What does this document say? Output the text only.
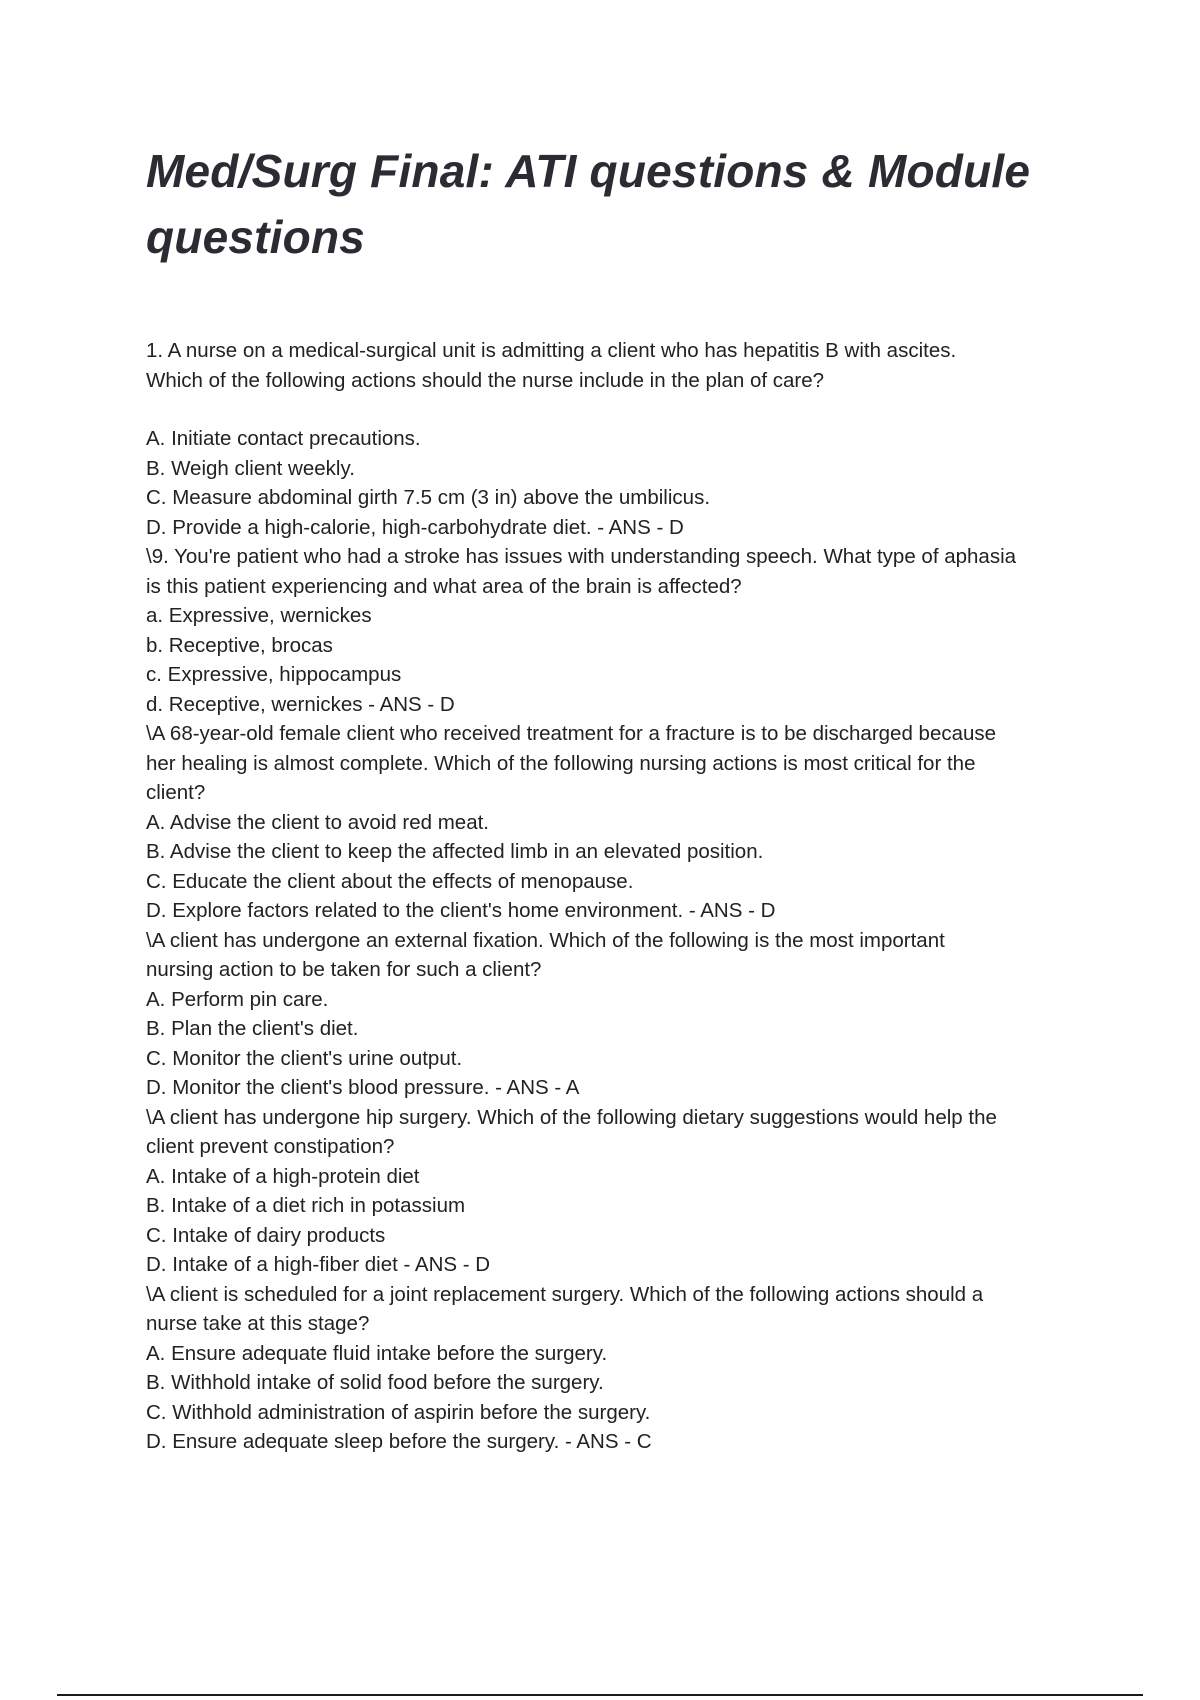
Med/Surg Final: ATI questions & Module
questions

1. A nurse on a medical-surgical unit is admitting a client who has hepatitis B with ascites.

Which of the following actions should the nurse include in the plan of care?

A. Initiate contact precautions.

B. Weigh client weekly.

C. Measure abdominal girth 7.5 cm (3 in) above the umbilicus.

D. Provide a high-calorie, high-carbohydrate diet. - ANS - D

\9. You're patient who had a stroke has issues with understanding speech. What type of aphasia

is this patient experiencing and what area of the brain is affected?

a. Expressive, wernickes

b. Receptive, brocas

c. Expressive, hippocampus

d. Receptive, wernickes - ANS - D

\A 68-year-old female client who received treatment for a fracture is to be discharged because

her healing is almost complete. Which of the following nursing actions is most critical for the

client?

A. Advise the client to avoid red meat.

B. Advise the client to keep the affected limb in an elevated position.

C. Educate the client about the effects of menopause.

D. Explore factors related to the client's home environment. - ANS - D

\A client has undergone an external fixation. Which of the following is the most important

nursing action to be taken for such a client?

A. Perform pin care.

B. Plan the client's diet.

C. Monitor the client's urine output.

D. Monitor the client's blood pressure. - ANS - A

\A client has undergone hip surgery. Which of the following dietary suggestions would help the

client prevent constipation?

A. Intake of a high-protein diet

B. Intake of a diet rich in potassium

C. Intake of dairy products

D. Intake of a high-fiber diet - ANS - D

\A client is scheduled for a joint replacement surgery. Which of the following actions should a

nurse take at this stage?

A. Ensure adequate fluid intake before the surgery.

B. Withhold intake of solid food before the surgery.

C. Withhold administration of aspirin before the surgery.

D. Ensure adequate sleep before the surgery. - ANS - C
